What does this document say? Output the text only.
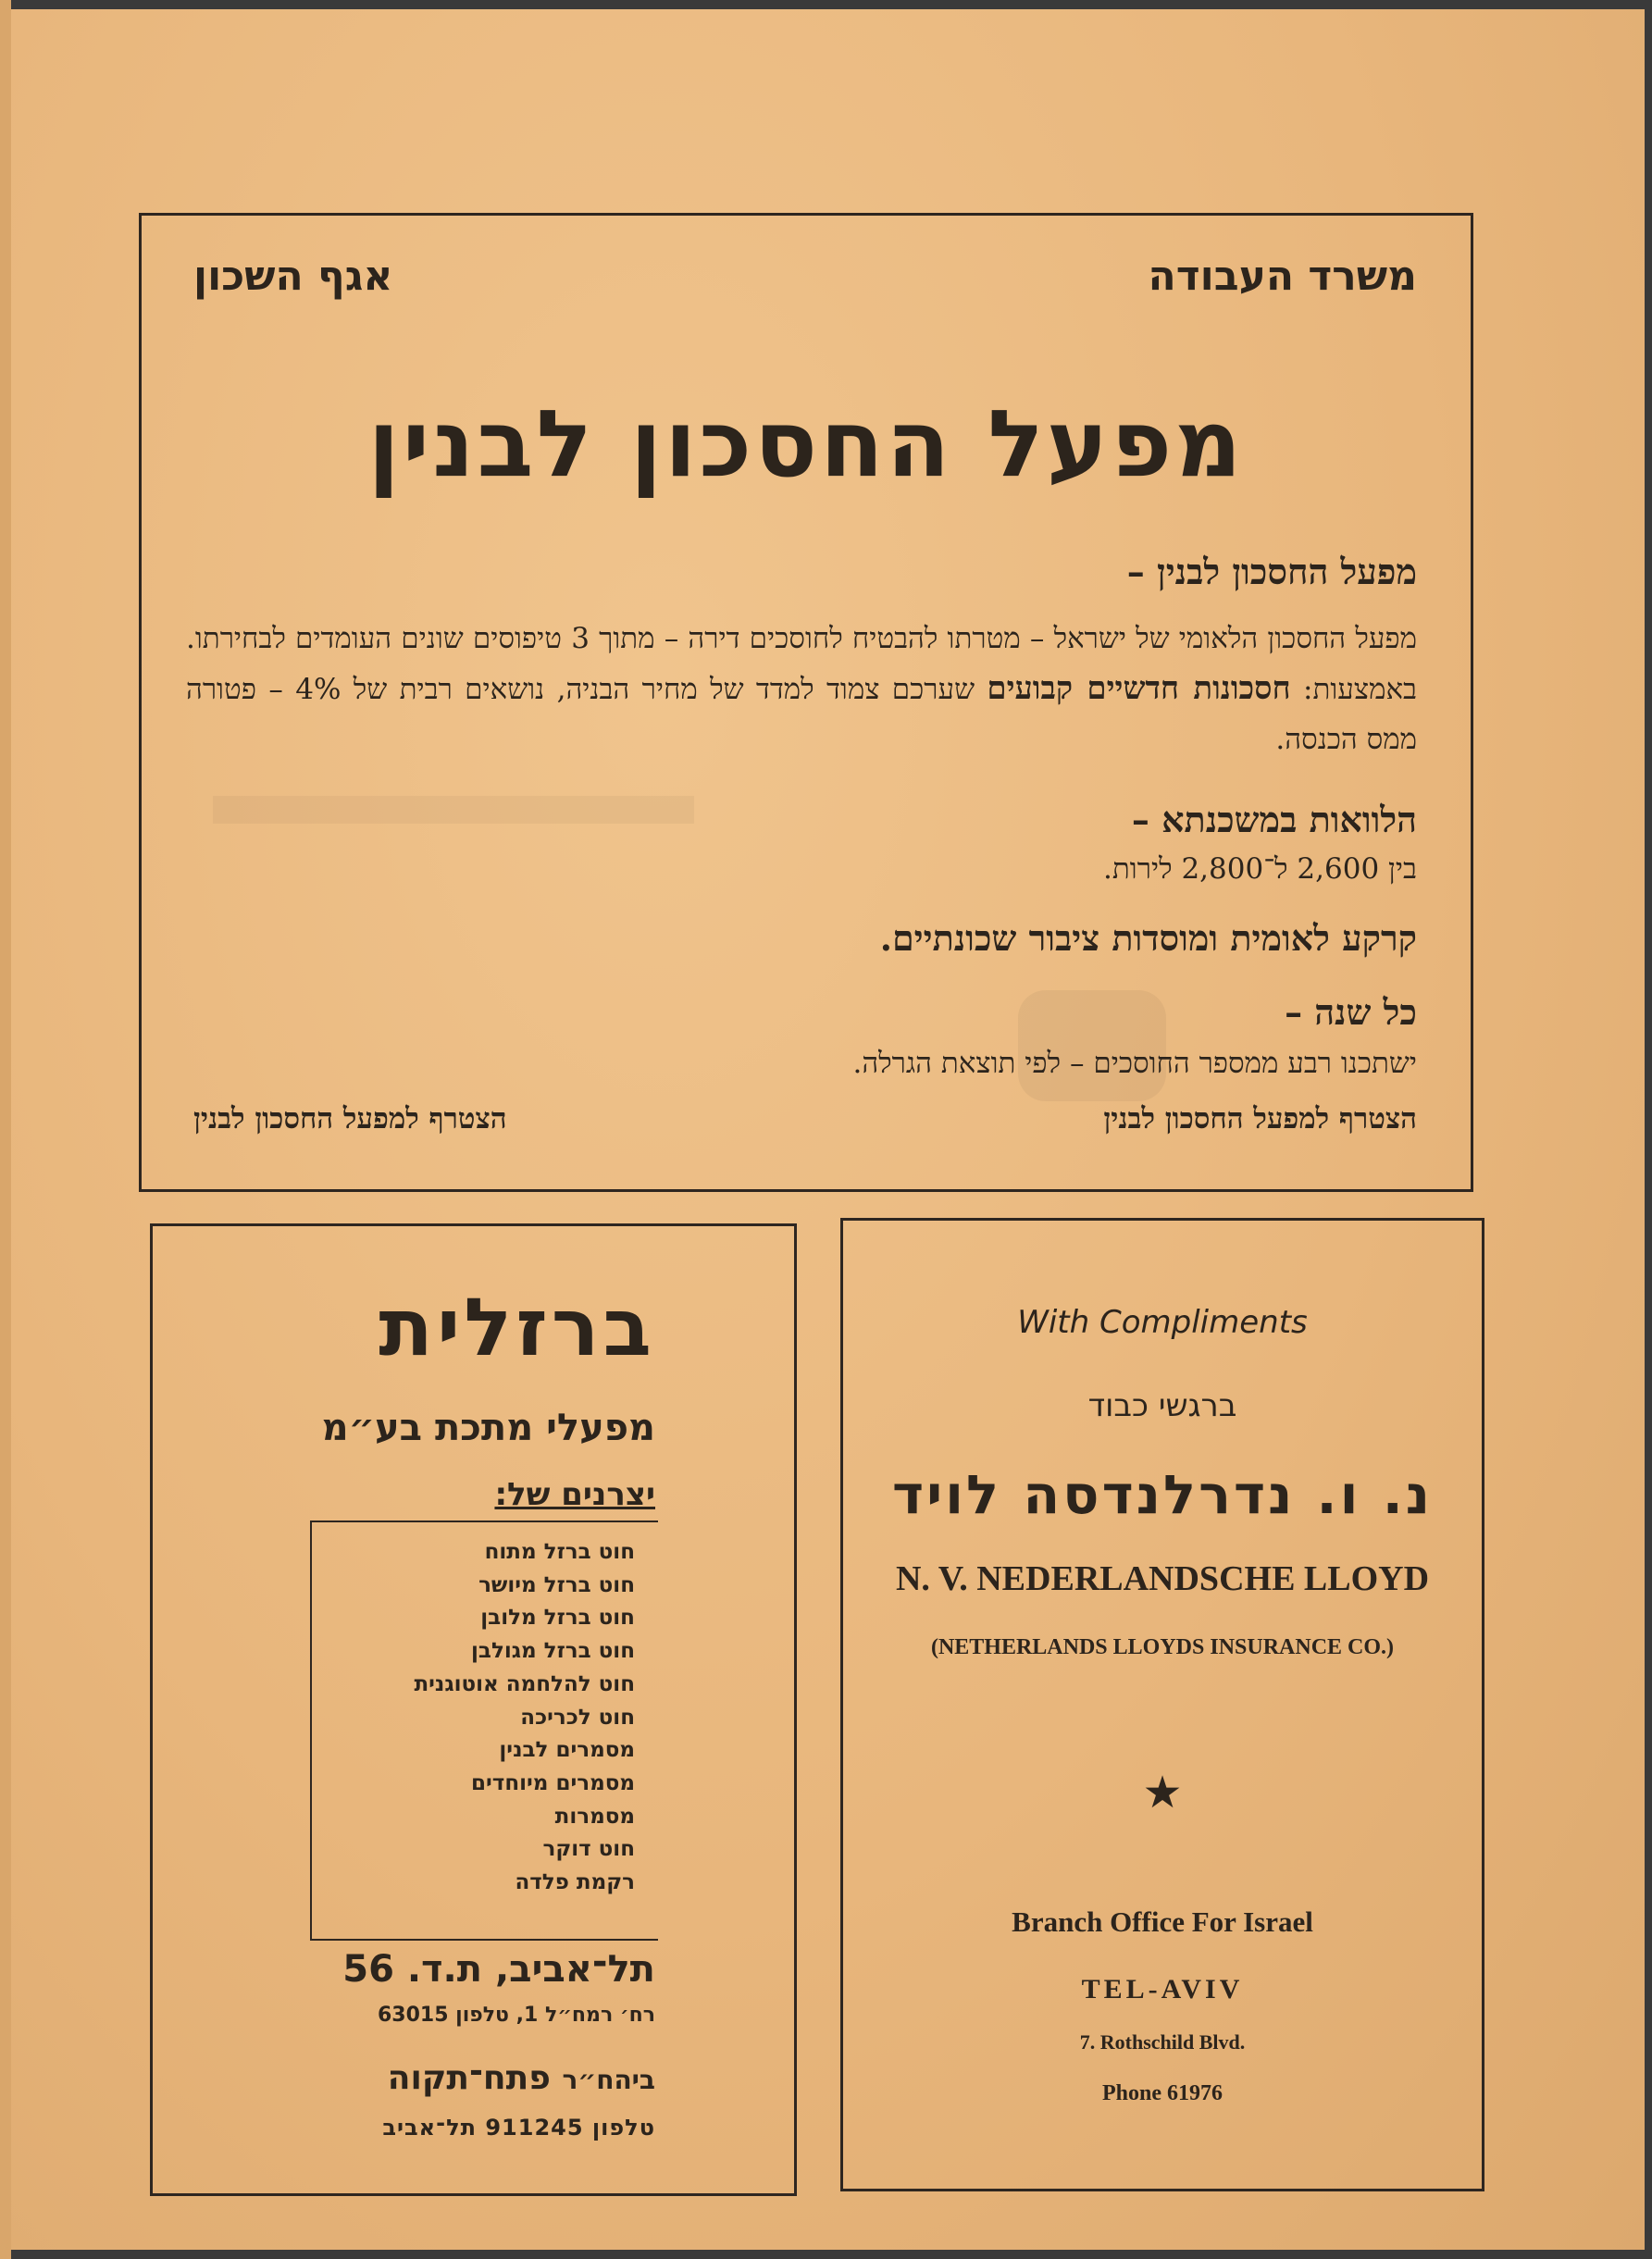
משרד העבודה

אגף השכון

מפעל החסכון לבנין

מפעל החסכון לבנין –

מפעל החסכון הלאומי של ישראל – מטרתו להבטיח לחוסכים דירה – מתוך 3 טיפוסים שונים העומדים לבחירתו. באמצעות: חסכונות חדשיים קבועים שערכם צמוד למדד של מחיר הבניה, נושאים רבית של 4% – פטורה ממס הכנסה.

הלוואות במשכנתא –

בין 2,600 ל־2,800 לירות.

קרקע לאומית ומוסדות ציבור שכונתיים.

כל שנה –

ישתכנו רבע ממספר החוסכים – לפי תוצאת הגרלה.

הצטרף למפעל החסכון לבנין

הצטרף למפעל החסכון לבנין

ברזלית

מפעלי מתכת בע״מ

יצרנים של:

חוט ברזל מתוח
חוט ברזל מיושר
חוט ברזל מלובן
חוט ברזל מגולבן
חוט להלחמה אוטוגנית
חוט לכריכה
מסמרים לבנין
מסמרים מיוחדים
מסמרות
חוט דוקר
רקמת פלדה

תל־אביב, ת.ד. 56

רח׳ רמח״ל 1, טלפון 63015

ביהח״ר פתח־תקוה

טלפון 911245 תל־אביב

With Compliments

ברגשי כבוד

נ. ו. נדרלנדסה לויד

N. V. NEDERLANDSCHE LLOYD

(NETHERLANDS LLOYDS INSURANCE CO.)

★

Branch Office For Israel

TEL-AVIV

7. Rothschild Blvd.

Phone 61976
